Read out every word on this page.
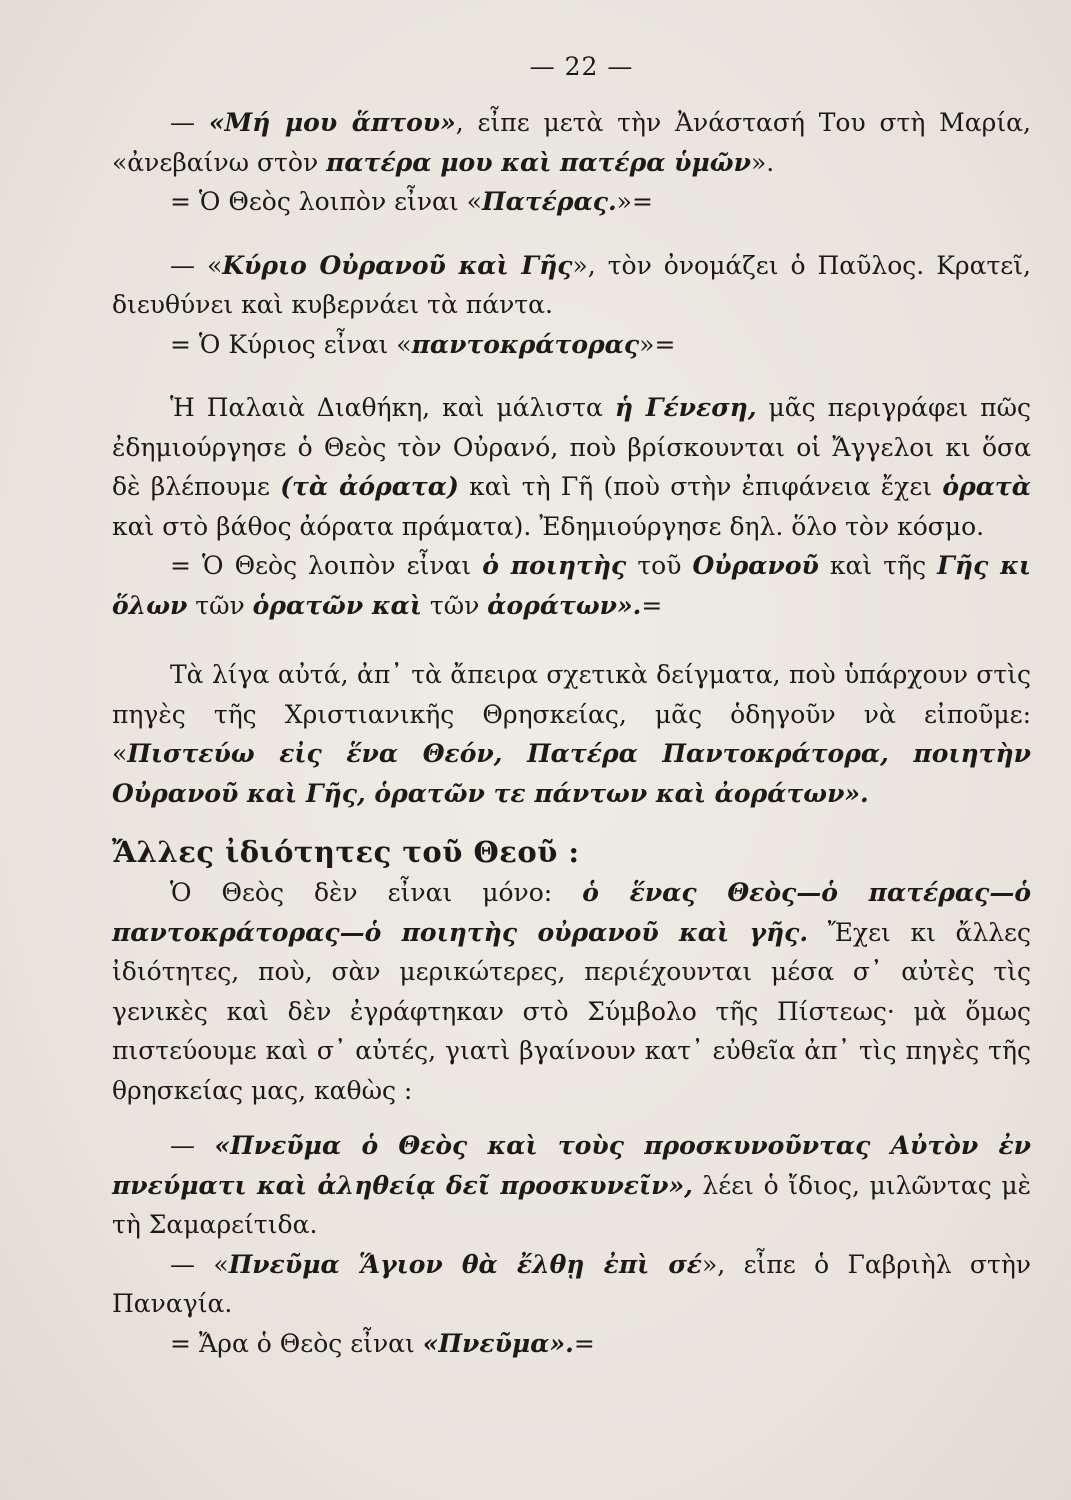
— 22 —

— «Μή μου ἅπτου», εἶπε μετὰ τὴν Ἀνάστασή Του στὴ Μαρία, «ἀνεβαίνω στὸν πατέρα μου καὶ πατέρα ὑμῶν».

= Ὁ Θεὸς λοιπὸν εἶναι «Πατέρας.»=

— «Κύριο Οὐρανοῦ καὶ Γῆς», τὸν ὀνομάζει ὁ Παῦλος. Κρατεῖ, διευθύνει καὶ κυβερνάει τὰ πάντα.

= Ὁ Κύριος εἶναι «παντοκράτορας»=

Ἡ Παλαιὰ Διαθήκη, καὶ μάλιστα ἡ Γένεση, μᾶς περιγράφει πῶς ἐδημιούργησε ὁ Θεὸς τὸν Οὐρανό, ποὺ βρίσκουνται οἱ Ἄγγελοι κι ὅσα δὲ βλέπουμε (τὰ ἀόρατα) καὶ τὴ Γῆ (ποὺ στὴν ἐπιφάνεια ἔχει ὁρατὰ καὶ στὸ βάθος ἀόρατα πράματα). Ἐδημιούργησε δηλ. ὅλο τὸν κόσμο.

= Ὁ Θεὸς λοιπὸν εἶναι ὁ ποιητὴς τοῦ Οὐρανοῦ καὶ τῆς Γῆς κι ὅλων τῶν ὁρατῶν καὶ τῶν ἀοράτων».=

Τὰ λίγα αὐτά, ἀπ᾿ τὰ ἄπειρα σχετικὰ δείγματα, ποὺ ὑπάρχουν στὶς πηγὲς τῆς Χριστιανικῆς Θρησκείας, μᾶς ὁδηγοῦν νὰ εἰποῦμε: «Πιστεύω εἰς ἕνα Θεόν, Πατέρα Παντοκράτορα, ποιητὴν Οὐρανοῦ καὶ Γῆς, ὁρατῶν τε πάντων καὶ ἀοράτων».

Ἄλλες ἰδιότητες τοῦ Θεοῦ :

Ὁ Θεὸς δὲν εἶναι μόνο: ὁ ἕνας Θεὸς—ὁ πατέρας—ὁ παντοκράτορας—ὁ ποιητὴς οὐρανοῦ καὶ γῆς. Ἔχει κι ἄλλες ἰδιότητες, ποὺ, σὰν μερικώτερες, περιέχουνται μέσα σ᾿ αὐτὲς τὶς γενικὲς καὶ δὲν ἐγράφτηκαν στὸ Σύμβολο τῆς Πίστεως· μὰ ὅμως πιστεύουμε καὶ σ᾿ αὐτές, γιατὶ βγαίνουν κατ᾿ εὐθεῖα ἀπ᾿ τὶς πηγὲς τῆς θρησκείας μας, καθὼς :

— «Πνεῦμα ὁ Θεὸς καὶ τοὺς προσκυνοῦντας Αὐτὸν ἐν πνεύματι καὶ ἀληθείᾳ δεῖ προσκυνεῖν», λέει ὁ ἴδιος, μιλῶντας μὲ τὴ Σαμαρείτιδα.

— «Πνεῦμα Ἅγιον θὰ ἔλθῃ ἐπὶ σέ», εἶπε ὁ Γαβριὴλ στὴν Παναγία.

= Ἄρα ὁ Θεὸς εἶναι «Πνεῦμα».=
